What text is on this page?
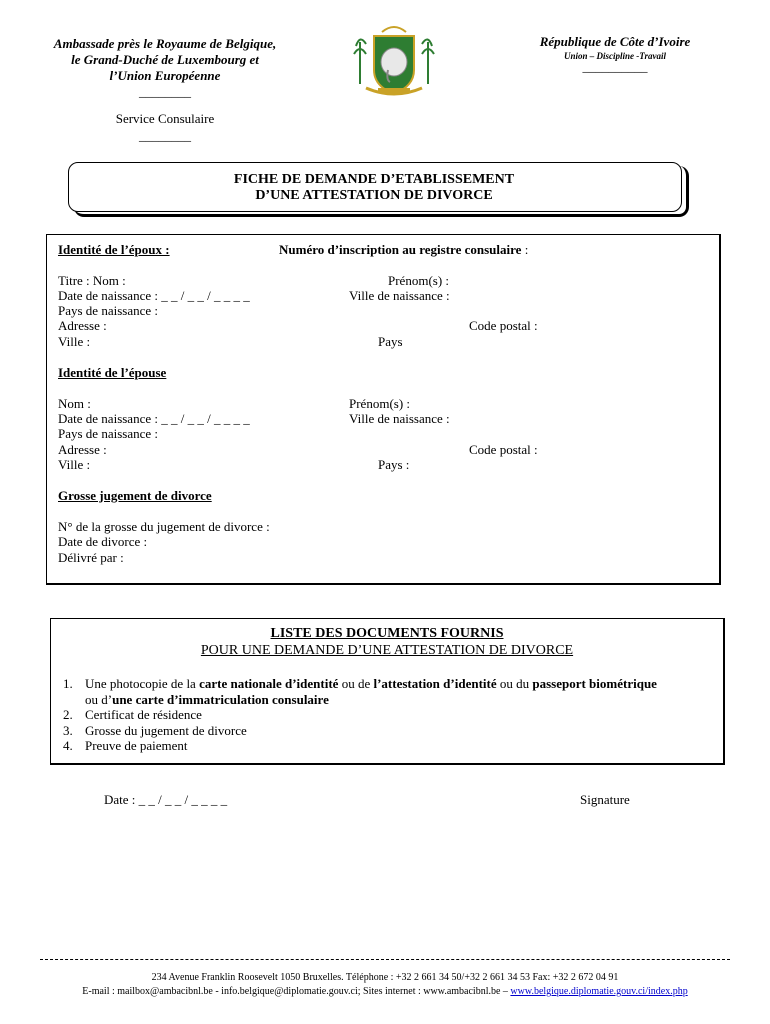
Ambassade près le Royaume de Belgique,
le Grand-Duché de Luxembourg et
l’Union Européenne
________
Service Consulaire
________
République de Côte d’Ivoire
Union – Discipline -Travail
__________
FICHE DE DEMANDE D’ETABLISSEMENT
D’UNE ATTESTATION DE DIVORCE
Identité de l’époux :	Numéro d’inscription au registre consulaire :
Titre : Nom :	Prénom(s) :
Date de naissance : _ _ / _ _ / _ _ _ _	Ville de naissance :
Pays de naissance :
Adresse :	Code postal :
Ville :	Pays
Identité de l’épouse
Nom :	Prénom(s) :
Date de naissance : _ _ / _ _ / _ _ _ _	Ville de naissance :
Pays de naissance :
Adresse :	Code postal :
Ville :	Pays :
Grosse jugement de divorce
N° de la grosse du jugement de divorce :
Date de divorce :
Délivré par :
LISTE DES DOCUMENTS FOURNIS
POUR UNE DEMANDE D’UNE ATTESTATION DE DIVORCE
1. Une photocopie de la carte nationale d’identité ou de l’attestation d’identité ou du passeport biométrique
ou d’une carte d’immatriculation consulaire
2. Certificat de résidence
3. Grosse du jugement de divorce
4. Preuve de paiement
Date : _ _ / _ _ / _ _ _ _	Signature
234 Avenue Franklin Roosevelt 1050 Bruxelles. Téléphone : +32 2 661 34 50/+32 2 661 34 53 Fax: +32 2 672 04 91
E-mail : mailbox@ambacibnl.be - info.belgique@diplomatie.gouv.ci; Sites internet : www.ambacibnl.be – www.belgique.diplomatie.gouv.ci/index.php
